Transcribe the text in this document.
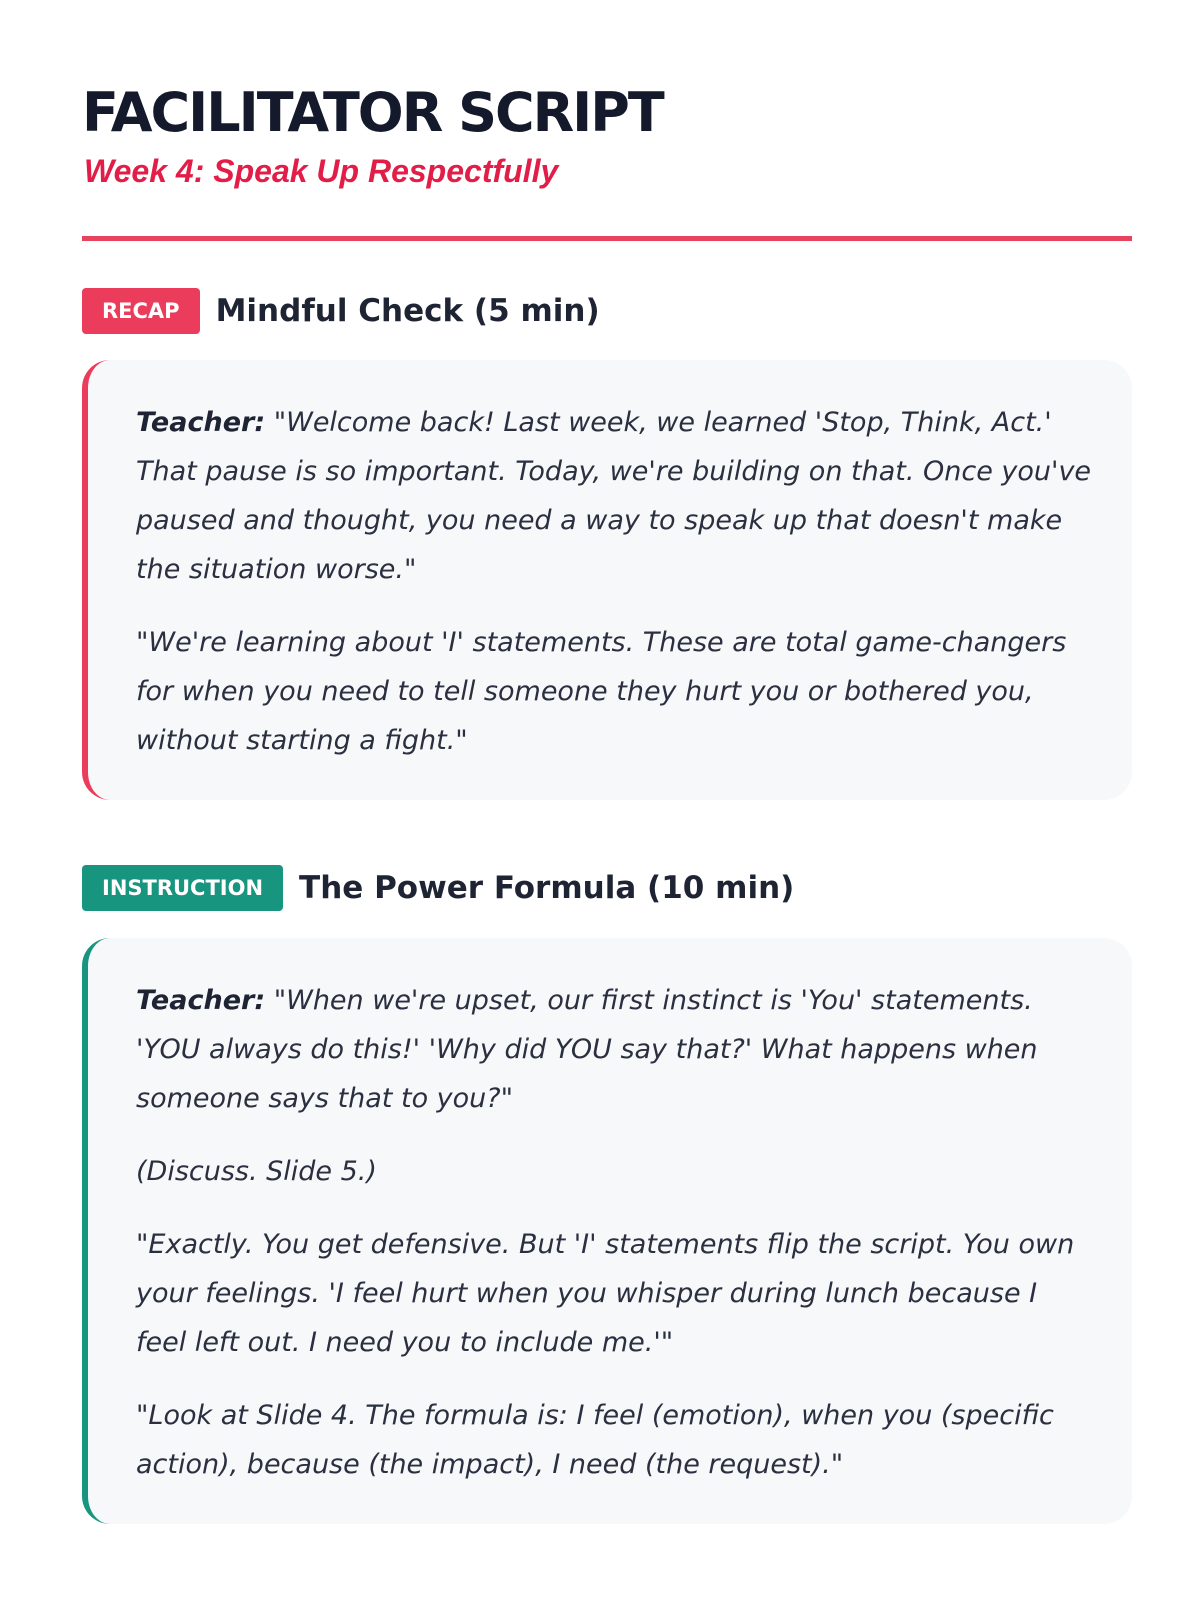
FACILITATOR SCRIPT
Week 4: Speak Up Respectfully
RECAP	Mindful Check (5 min)

Teacher: "Welcome back! Last week, we learned 'Stop, Think, Act.' That pause is so important. Today, we're building on that. Once you've paused and thought, you need a way to speak up that doesn't make the situation worse."

"We're learning about 'I' statements. These are total game-changers for when you need to tell someone they hurt you or bothered you, without starting a fight."

INSTRUCTION	The Power Formula (10 min)

Teacher: "When we're upset, our first instinct is 'You' statements. 'YOU always do this!' 'Why did YOU say that?' What happens when someone says that to you?"

(Discuss. Slide 5.)

"Exactly. You get defensive. But 'I' statements flip the script. You own your feelings. 'I feel hurt when you whisper during lunch because I feel left out. I need you to include me.'"

"Look at Slide 4. The formula is: I feel (emotion), when you (specific action), because (the impact), I need (the request)."
